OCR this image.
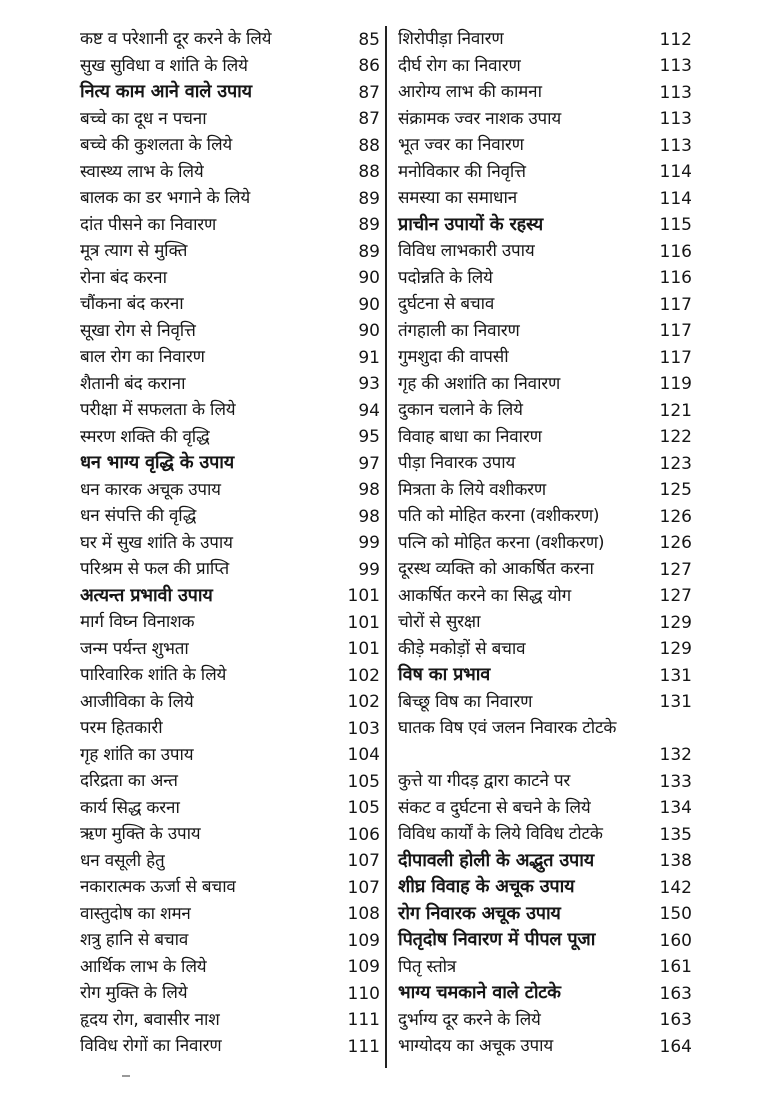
कष्ट व परेशानी दूर करने के लिये	85
सुख सुविधा व शांति के लिये	86
नित्य काम आने वाले उपाय	87
बच्चे का दूध न पचना	87
बच्चे की कुशलता के लिये	88
स्वास्थ्य लाभ के लिये	88
बालक का डर भगाने के लिये	89
दांत पीसने का निवारण	89
मूत्र त्याग से मुक्ति	89
रोना बंद करना	90
चौंकना बंद करना	90
सूखा रोग से निवृत्ति	90
बाल रोग का निवारण	91
शैतानी बंद कराना	93
परीक्षा में सफलता के लिये	94
स्मरण शक्ति की वृद्धि	95
धन भाग्य वृद्धि के उपाय	97
धन कारक अचूक उपाय	98
धन संपत्ति की वृद्धि	98
घर में सुख शांति के उपाय	99
परिश्रम से फल की प्राप्ति	99
अत्यन्त प्रभावी उपाय	101
मार्ग विघ्न विनाशक	101
जन्म पर्यन्त शुभता	101
पारिवारिक शांति के लिये	102
आजीविका के लिये	102
परम हितकारी	103
गृह शांति का उपाय	104
दरिद्रता का अन्त	105
कार्य सिद्ध करना	105
ऋण मुक्ति के उपाय	106
धन वसूली हेतु	107
नकारात्मक ऊर्जा से बचाव	107
वास्तुदोष का शमन	108
शत्रु हानि से बचाव	109
आर्थिक लाभ के लिये	109
रोग मुक्ति के लिये	110
हृदय रोग, बवासीर नाश	111
विविध रोगों का निवारण	111
शिरोपीड़ा निवारण	112
दीर्घ रोग का निवारण	113
आरोग्य लाभ की कामना	113
संक्रामक ज्वर नाशक उपाय	113
भूत ज्वर का निवारण	113
मनोविकार की निवृत्ति	114
समस्या का समाधान	114
प्राचीन उपायों के रहस्य	115
विविध लाभकारी उपाय	116
पदोन्नति के लिये	116
दुर्घटना से बचाव	117
तंगहाली का निवारण	117
गुमशुदा की वापसी	117
गृह की अशांति का निवारण	119
दुकान चलाने के लिये	121
विवाह बाधा का निवारण	122
पीड़ा निवारक उपाय	123
मित्रता के लिये वशीकरण	125
पति को मोहित करना (वशीकरण)	126
पत्नि को मोहित करना (वशीकरण)	126
दूरस्थ व्यक्ति को आकर्षित करना	127
आकर्षित करने का सिद्ध योग	127
चोरों से सुरक्षा	129
कीड़े मकोड़ों से बचाव	129
विष का प्रभाव	131
बिच्छू विष का निवारण	131
घातक विष एवं जलन निवारक टोटके
132
कुत्ते या गीदड़ द्वारा काटने पर	133
संकट व दुर्घटना से बचने के लिये	134
विविध कार्यों के लिये विविध टोटके	135
दीपावली होली के अद्भुत उपाय	138
शीघ्र विवाह के अचूक उपाय	142
रोग निवारक अचूक उपाय	150
पितृदोष निवारण में पीपल पूजा	160
पितृ स्तोत्र	161
भाग्य चमकाने वाले टोटके	163
दुर्भाग्य दूर करने के लिये	163
भाग्योदय का अचूक उपाय	164
